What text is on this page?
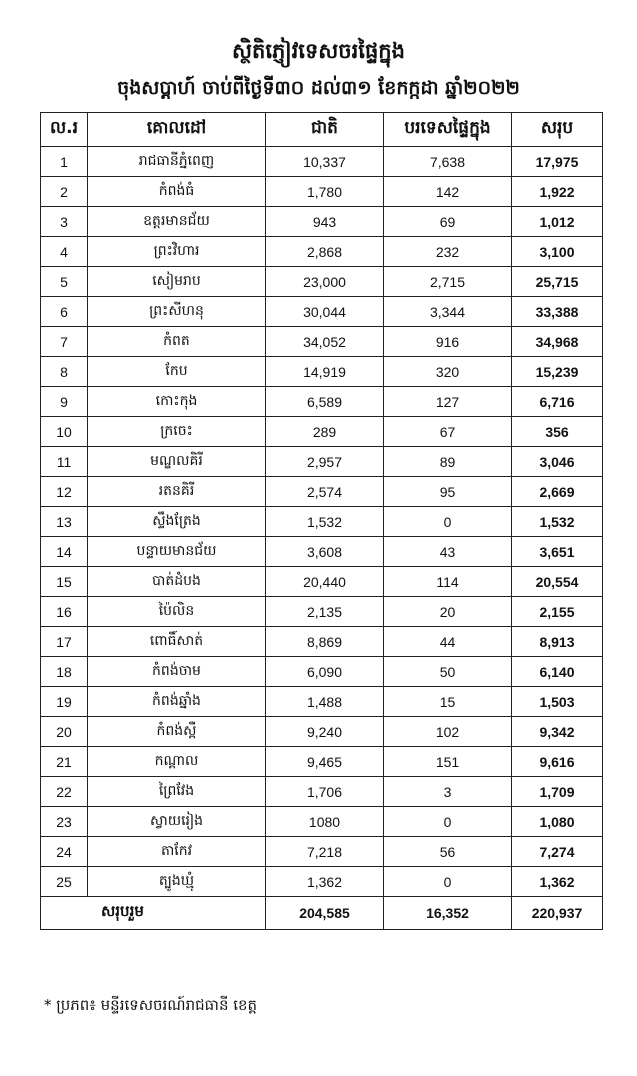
ស្ថិតិភ្ញៀវទេសចរផ្ទៃក្នុង
ចុងសប្តាហ៍ ចាប់ពីថ្ងៃទី៣០ ដល់៣១ ខែកក្កដា ឆ្នាំ២០២២
ល.រ	គោលដៅ	ជាតិ	បរទេសផ្ទៃក្នុង	សរុប
1	រាជធានីភ្នំពេញ	10,337	7,638	17,975
2	កំពង់ធំ	1,780	142	1,922
3	ឧត្តរមានជ័យ	943	69	1,012
4	ព្រះវិហារ	2,868	232	3,100
5	សៀមរាប	23,000	2,715	25,715
6	ព្រះសីហនុ	30,044	3,344	33,388
7	កំពត	34,052	916	34,968
8	កែប	14,919	320	15,239
9	កោះកុង	6,589	127	6,716
10	ក្រចេះ	289	67	356
11	មណ្ឌលគិរី	2,957	89	3,046
12	រតនគិរី	2,574	95	2,669
13	ស្ទឹងត្រែង	1,532	0	1,532
14	បន្ទាយមានជ័យ	3,608	43	3,651
15	បាត់ដំបង	20,440	114	20,554
16	ប៉ៃលិន	2,135	20	2,155
17	ពោធិ៍សាត់	8,869	44	8,913
18	កំពង់ចាម	6,090	50	6,140
19	កំពង់ឆ្នាំង	1,488	15	1,503
20	កំពង់ស្ពឺ	9,240	102	9,342
21	កណ្តាល	9,465	151	9,616
22	ព្រៃវែង	1,706	3	1,709
23	ស្វាយរៀង	1080	0	1,080
24	តាកែវ	7,218	56	7,274
25	ត្បូងឃ្មុំ	1,362	0	1,362
សរុបរួម		204,585	16,352	220,937
* ប្រភព៖ មន្ទីរទេសចរណ៍រាជធានី ខេត្ត
